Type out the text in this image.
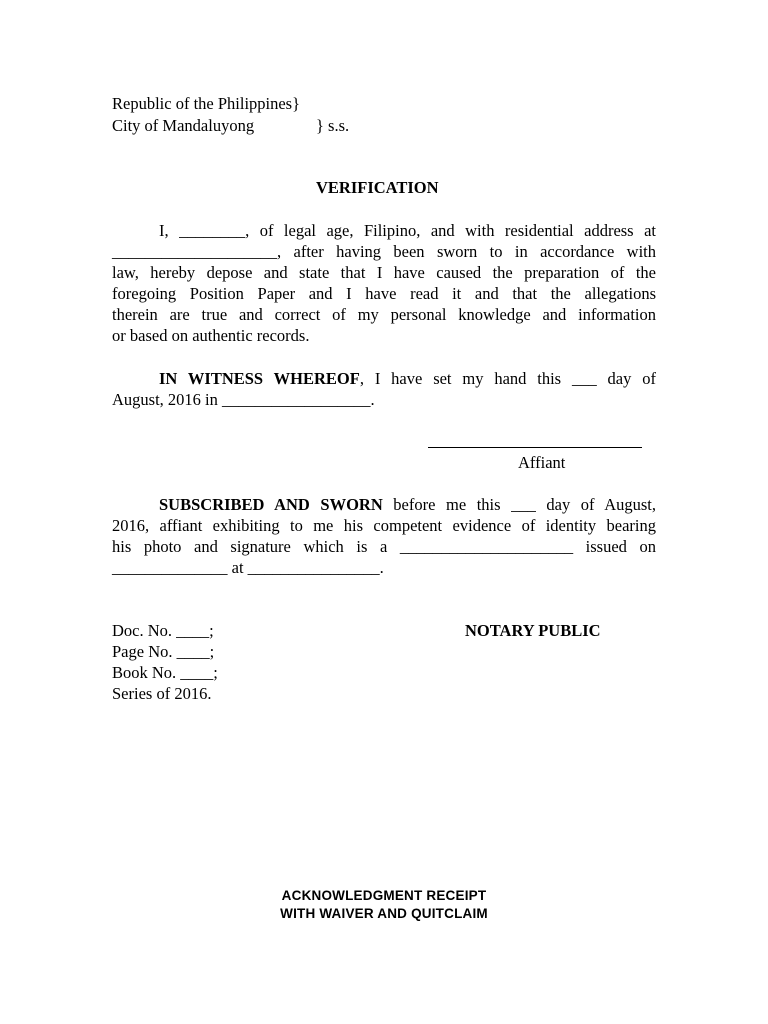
Republic of the Philippines}
City of Mandaluyong	} s.s.
VERIFICATION
I, ________, of legal age, Filipino, and with residential address at
____________________, after having been sworn to in accordance with
law, hereby depose and state that I have caused the preparation of the
foregoing Position Paper and I have read it and that the allegations
therein are true and correct of my personal knowledge and information
or based on authentic records.
IN WITNESS WHEREOF, I have set my hand this ___ day of
August, 2016 in __________________.
Affiant
SUBSCRIBED AND SWORN before me this ___ day of August,
2016, affiant exhibiting to me his competent evidence of identity bearing
his photo and signature which is a _____________________ issued on
______________ at ________________.
Doc. No. ____;
Page No. ____;
Book No. ____;
Series of 2016.
NOTARY PUBLIC
ACKNOWLEDGMENT RECEIPT
WITH WAIVER AND QUITCLAIM
